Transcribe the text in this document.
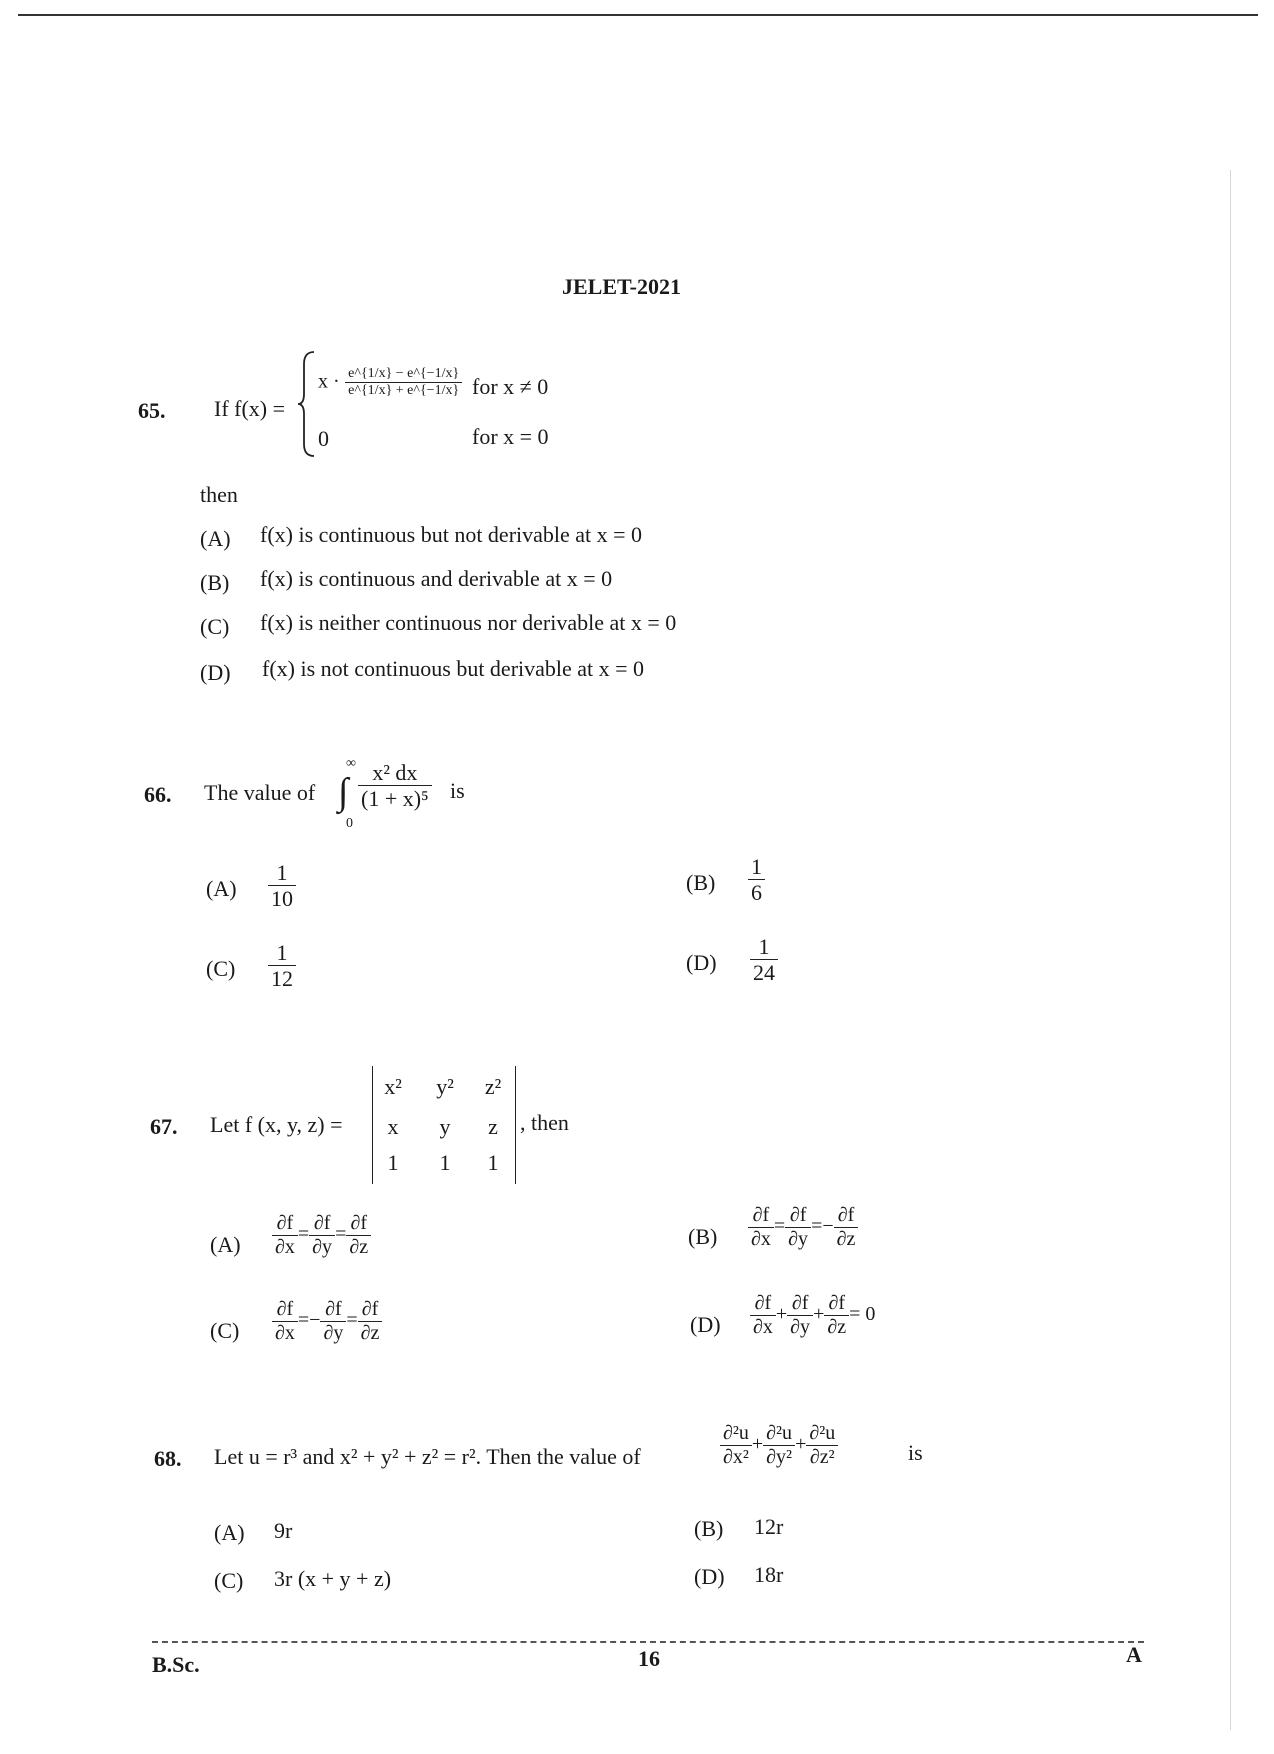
JELET-2021
65. If f(x) =
$x \cdot \frac{e\^{}\{1/x\} - e\^{}\{-1/x\}}{e\^{}\{1/x\} + e\^{}\{-1/x\}}$ for x ≠ 0
0	for x = 0
then
(A) f(x) is continuous but not derivable at x = 0
(B) f(x) is continuous and derivable at x = 0
(C) f(x) is neither continuous nor derivable at x = 0
(D) f(x) is not continuous but derivable at x = 0
66. The value of
∞
∫
0
$\frac{\text{x² dx}}{\text{(1 + x)⁵}}$ is
$(A) \frac{1}{10}$	$(B) \frac{1}{6}$
$(C) \frac{1}{12}$	$(D) \frac{1}{24}$
67. Let f (x, y, z) =
x² y²	z²
x	y	z
1	1	1
, then
$(A) \frac{\partial f}{\partial x} = \frac{\partial f}{\partial y} = \frac{\partial f}{\partial z}$	$(B) \frac{\partial f}{\partial x} = \frac{\partial f}{\partial y} =- \frac{\partial f}{\partial z}$
$(C) \frac{\partial f}{\partial x} =- \frac{\partial f}{\partial y} = \frac{\partial f}{\partial z}$	$(D) \frac{\partial f}{\partial x} + \frac{\partial f}{\partial y} + \frac{\partial f}{\partial z} = 0$
68. Let u = r³ and x² + y² + z² = r². Then the value of	$\frac{\text{∂²u}}{\text{∂x²}} + \frac{\text{∂²u}}{\text{∂y²}} + \frac{\text{∂²u}}{\text{∂z²}}$	is
(A) 9r	(B) 12r
(C) 3r (x + y + z)	(D) 18r
B.Sc.	16	A
